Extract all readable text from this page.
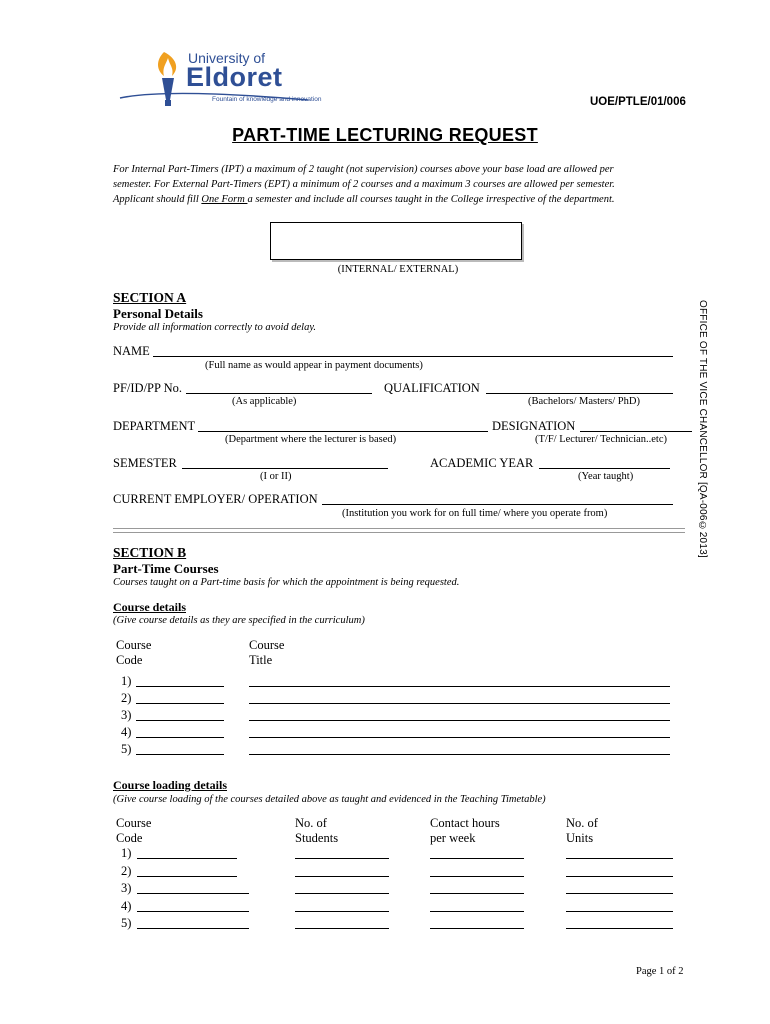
University of
Eldoret
Fountain of knowledge and innovation	UOE/PTLE/01/006
PART-TIME LECTURING REQUEST
For Internal Part-Timers (IPT) a maximum of 2 taught (not supervision) courses above your base load are allowed per
semester. For External Part-Timers (EPT) a minimum of 2 courses and a maximum 3 courses are allowed per semester.
Applicant should fill One Form a semester and include all courses taught in the College irrespective of the department.
(INTERNAL/ EXTERNAL)
OFFICE OF THE VICE CHANCELLOR [QA-006©2013]
SECTION A
Personal Details
Provide all information correctly to avoid delay.
NAME
(Full name as would appear in payment documents)
PF/ID/PP No.
(As applicable)
QUALIFICATION
(Bachelors/ Masters/ PhD)
DEPARTMENT
(Department where the lecturer is based)
DESIGNATION
(T/F/ Lecturer/ Technician..etc)
SEMESTER
(I or II)
ACADEMIC YEAR
(Year taught)
CURRENT EMPLOYER/ OPERATION
(Institution you work for on full time/ where you operate from)
SECTION B
Part-Time Courses
Courses taught on a Part-time basis for which the appointment is being requested.
Course details
(Give course details as they are specified in the curriculum)
Course
Code
Course
Title
1)
2)
3)
4)
5)
Course loading details
(Give course loading of the courses detailed above as taught and evidenced in the Teaching Timetable)
Course
Code
No. of
Students
Contact hours
per week
No. of
Units
1)
2)
3)
4)
5)
Page 1 of 2
